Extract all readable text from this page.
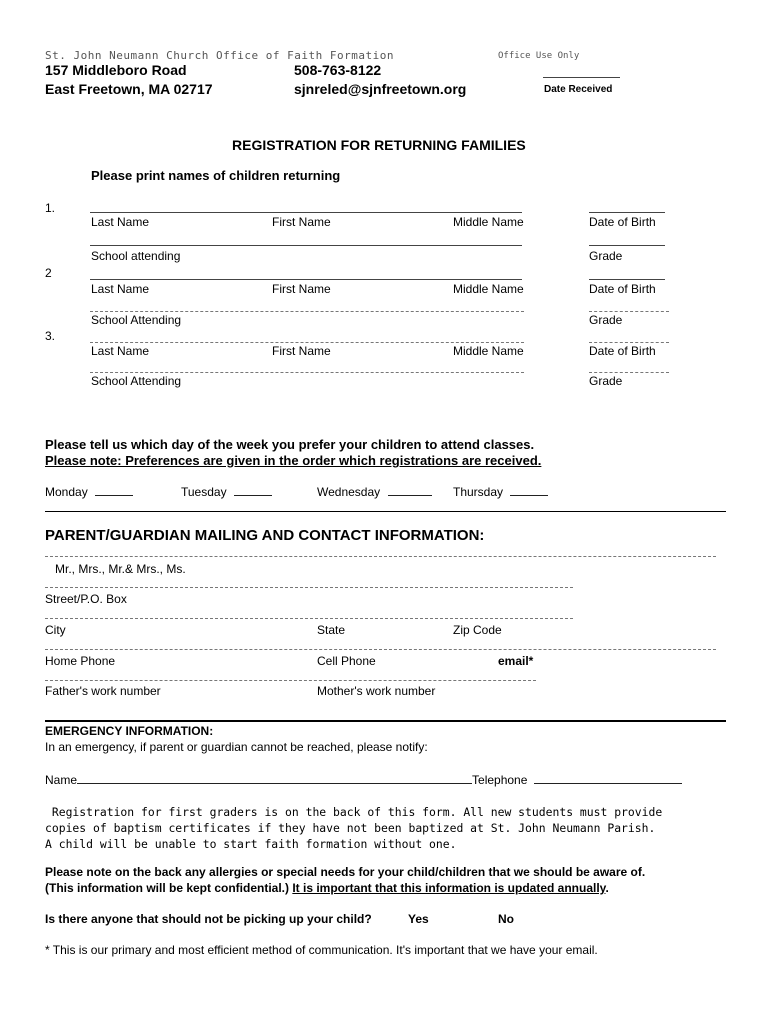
St. John Neumann Church Office of Faith Formation	Office Use Only
157 Middleboro Road
East Freetown, MA 02717
508-763-8122
sjnreled@sjnfreetown.org	Date Received
REGISTRATION FOR RETURNING FAMILIES
Please print names of children returning
1.
Last Name	First Name	Middle Name	Date of Birth
School attending	Grade
2
Last Name	First Name	Middle Name	Date of Birth
School Attending	Grade
3.
Last Name	First Name	Middle Name	Date of Birth
School Attending	Grade
Please tell us which day of the week you prefer your children to attend classes.
Please note: Preferences are given in the order which registrations are received.
Monday	Tuesday	Wednesday	Thursday
PARENT/GUARDIAN MAILING AND CONTACT INFORMATION:
Mr., Mrs., Mr.& Mrs., Ms.
Street/P.O. Box
City	State	Zip Code
Home Phone	Cell Phone	email*
Father's work number	Mother's work number
EMERGENCY INFORMATION:
In an emergency, if parent or guardian cannot be reached, please notify:
Name	Telephone
Registration for first graders is on the back of this form. All new students must provide
copies of baptism certificates if they have not been baptized at St. John Neumann Parish.
A child will be unable to start faith formation without one.
Please note on the back any allergies or special needs for your child/children that we should be aware of.
(This information will be kept confidential.) It is important that this information is updated annually.
Is there anyone that should not be picking up your child?	Yes	No
* This is our primary and most efficient method of communication. It's important that we have your email.
